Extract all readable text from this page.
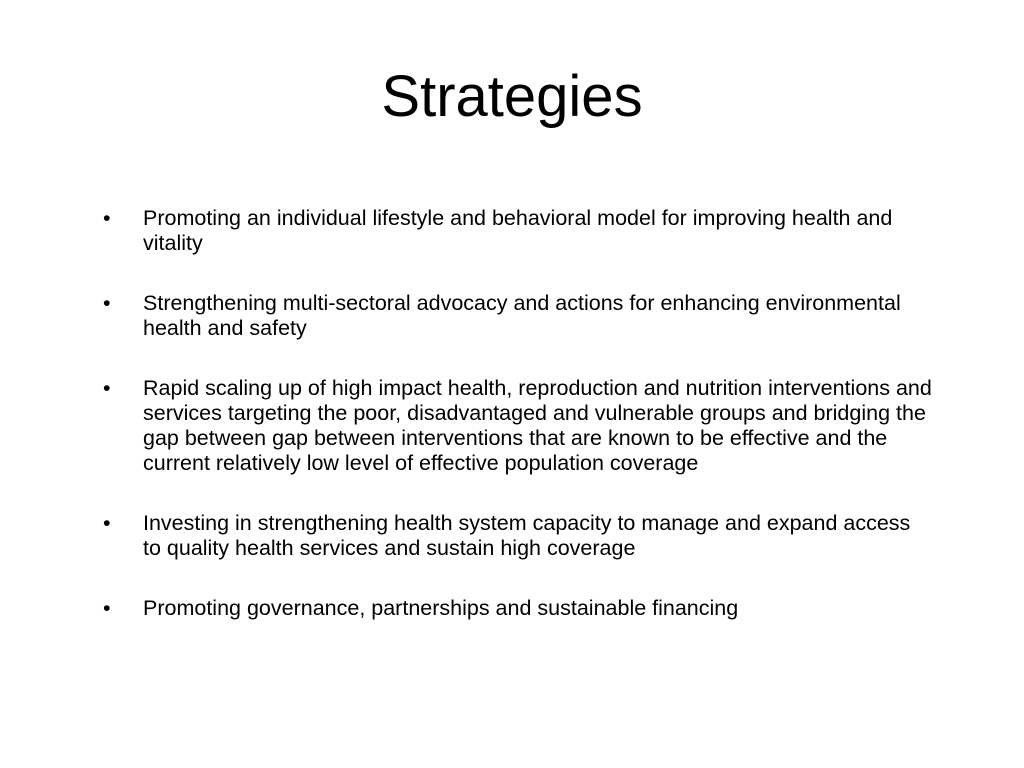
Strategies
•	Promoting an individual lifestyle and behavioral model for improving health and vitality
•	Strengthening multi-sectoral advocacy and actions for enhancing environmental health and safety
•	Rapid scaling up of high impact health, reproduction and nutrition interventions and services targeting the poor, disadvantaged and vulnerable groups and bridging the gap between gap between interventions that are known to be effective and the current relatively low level of effective population coverage
•	Investing in strengthening health system capacity to manage and expand access to quality health services and sustain high coverage
•	Promoting governance, partnerships and sustainable financing
